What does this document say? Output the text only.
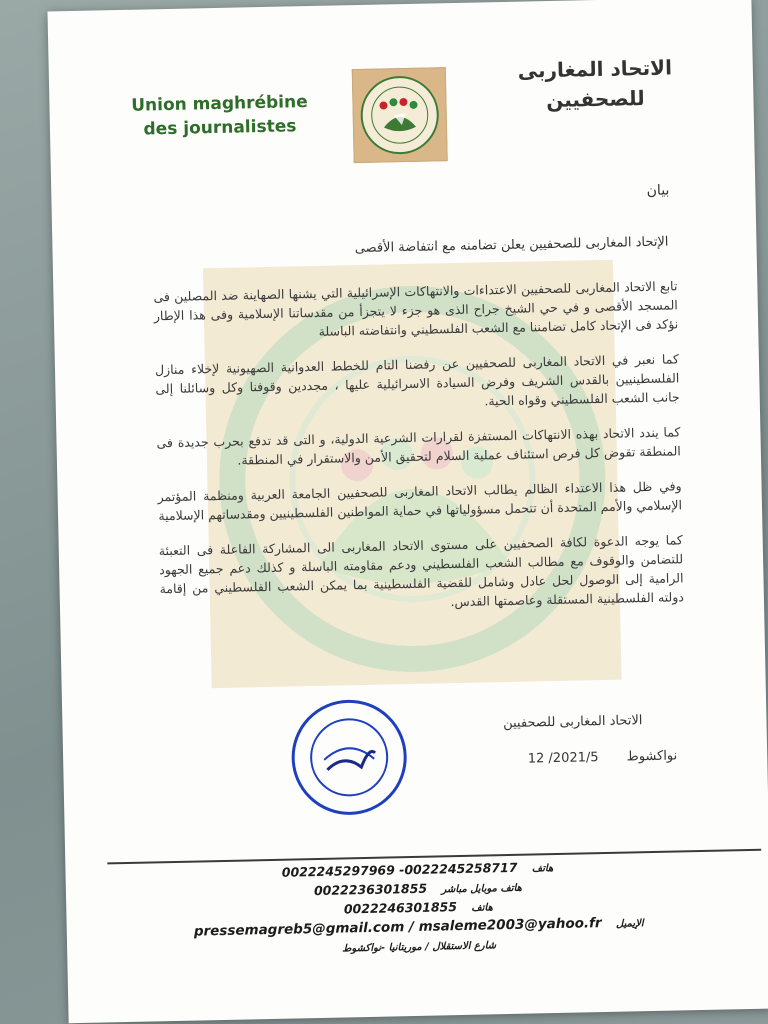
Union maghrébine
des journalistes
الاتحاد المغاربى
للصحفيين
بيان
الإتحاد المغاربى للصحفيين يعلن تضامنه مع انتفاضة الأقصى

تابع الاتحاد المغاربى للصحفيين الاعتداءات والانتهاكات الإسرائيلية التي يشنها الصهاينة ضد المصلين فى المسجد الأقصى و في حي الشيخ جراح الذى هو جزء لا يتجزأ من مقدساتنا الإسلامية وفى هذا الإطار نؤكد فى الإتحاد كامل تضامننا مع الشعب الفلسطيني وانتفاضته الباسلة

كما نعبر في الاتحاد المغاربى للصحفيين عن رفضنا التام للخطط العدوانية الصهيونية لإخلاء منازل الفلسطينيين بالقدس الشريف وفرض السيادة الاسرائيلية عليها ، مجددين وقوفنا وكل وسائلنا إلى جانب الشعب الفلسطيني وقواه الحية.

كما يندد الاتحاد بهذه الانتهاكات المستفزة لقرارات الشرعية الدولية، و التى قد تدفع بحرب جديدة فى المنطقة تقوض كل فرص استئناف عملية السلام لتحقيق الأمن والاستقرار في المنطقة.

وفي ظل هذا الاعتداء الظالم يطالب الاتحاد المغاربى للصحفيين الجامعة العربية ومنظمة المؤتمر الإسلامي والأمم المتحدة أن تتحمل مسؤولياتها في حماية المواطنين الفلسطينيين ومقدساتهم الإسلامية

كما يوجه الدعوة لكافة الصحفيين على مستوى الاتحاد المغاربى الى المشاركة الفاعلة فى التعبئة للتضامن والوقوف مع مطالب الشعب الفلسطيني ودعم مقاومته الباسلة و كذلك دعم جميع الجهود الرامية إلى الوصول لحل عادل وشامل للقضية الفلسطينية بما يمكن الشعب الفلسطيني من إقامة دولته الفلسطينية المستقلة وعاصمتها القدس.

الاتحاد المغاربى للصحفيين
نواكشوط 2021/5/ 12
0022245297969 -0022245258717 هاتف
0022236301855 هاتف موبايل مباشر
0022246301855 هاتف
pressemagreb5@gmail.com / msaleme2003@yahoo.fr الإيميل
شارع الاستقلال / موريتانيا -نواكشوط
